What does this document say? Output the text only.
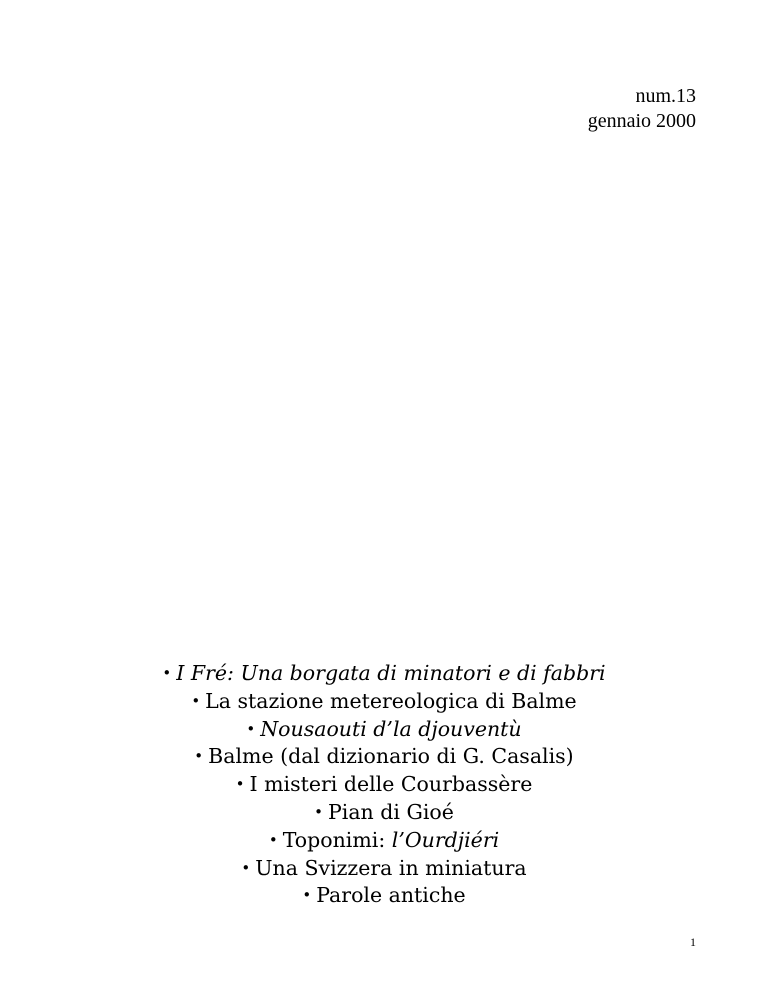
num.13
gennaio 2000
• I Fré: Una borgata di minatori e di fabbri
• La stazione metereologica di Balme
• Nousaouti d’la djouventù
• Balme (dal dizionario di G. Casalis)
• I misteri delle Courbassère
• Pian di Gioé
• Toponimi: l’Ourdjiéri
• Una Svizzera in miniatura
• Parole antiche
1
